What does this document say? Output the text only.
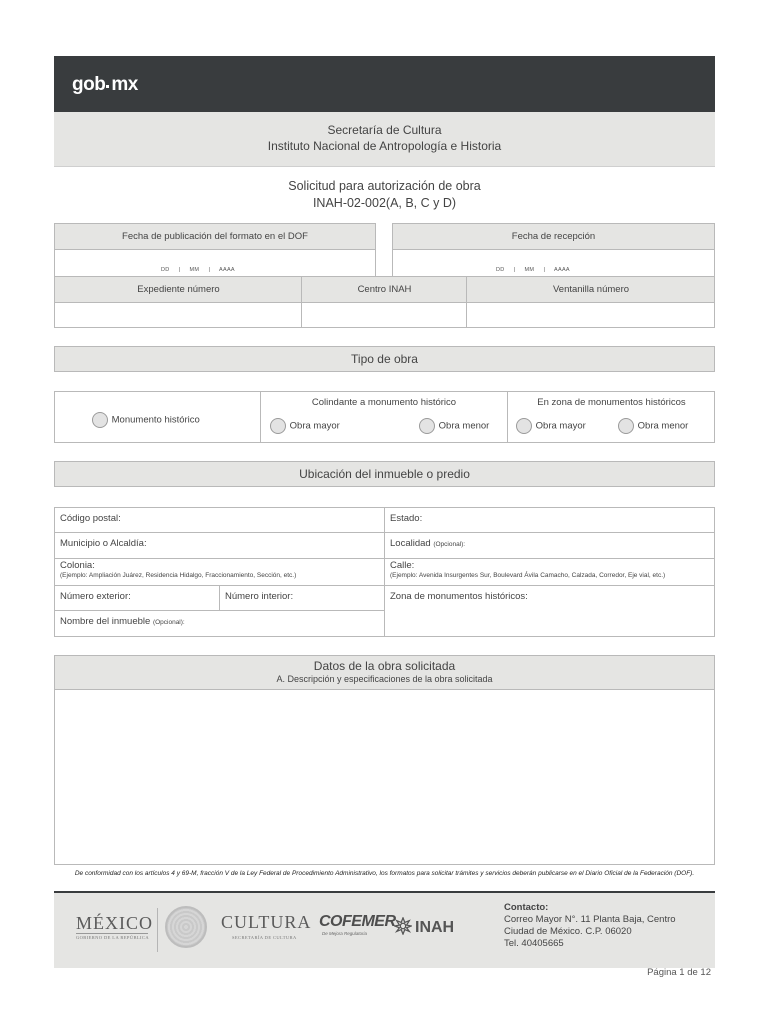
gob mx
Secretaría de Cultura
Instituto Nacional de Antropología e Historia
Solicitud para autorización de obra
INAH-02-002(A, B, C y D)
Fecha de publicación del formato en el DOF
DD     |     MM     |     AAAA
Fecha de recepción
DD     |     MM     |     AAAA
Expediente número	Centro INAH	Ventanilla número
Tipo de obra
Monumento histórico
Colindante a monumento histórico
Obra mayor	Obra menor
En zona de monumentos históricos
Obra mayor	Obra menor
Ubicación del inmueble o predio
Código postal:	Estado:
Municipio o Alcaldía:	Localidad (Opcional):
Colonia:
(Ejemplo: Ampliación Juárez, Residencia Hidalgo, Fraccionamiento, Sección, etc.)
Calle:
(Ejemplo: Avenida Insurgentes Sur, Boulevard Ávila Camacho, Calzada, Corredor, Eje vial, etc.)
Número exterior:	Número interior:	Zona de monumentos históricos:
Nombre del inmueble (Opcional):
Datos de la obra solicitada
A. Descripción y especificaciones de la obra solicitada
De conformidad con los artículos 4 y 69-M, fracción V de la Ley Federal de Procedimiento Administrativo, los formatos para solicitar trámites y servicios deberán publicarse en el Diario Oficial de la Federación (DOF).
MÉXICO
GOBIERNO DE LA REPÚBLICA
CULTURA
SECRETARÍA DE CULTURA
COFEMER
De Mejora Regulatoria	INAH
Contacto:
Correo Mayor N°. 11 Planta Baja, Centro
Ciudad de México. C.P. 06020
Tel. 40405665
Página 1 de 12
